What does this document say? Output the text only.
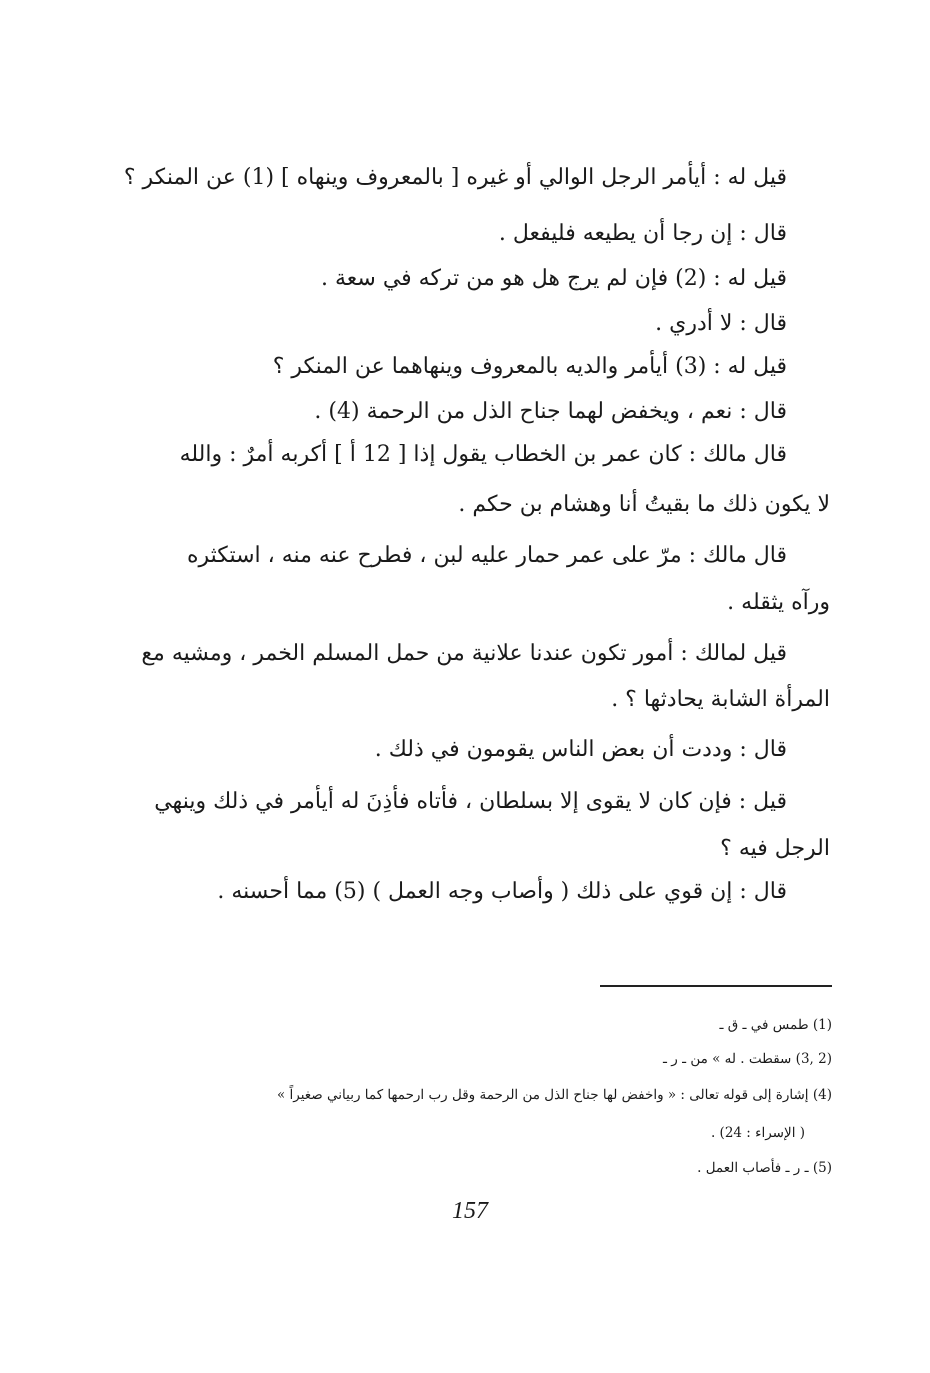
قيل له : أيأمر الرجل الوالي أو غيره [ بالمعروف وينهاه ] (1) عن المنكر ؟
قال : إن رجا أن يطيعه فليفعل .
قيل له : (2) فإن لم يرج هل هو من تركه في سعة .
قال : لا أدري .
قيل له : (3) أيأمر والديه بالمعروف وينهاهما عن المنكر ؟
قال : نعم ، ويخفض لهما جناح الذل من الرحمة (4) .
قال مالك : كان عمر بن الخطاب يقول إذا [ 12 أ ] أكربه أمرٌ : والله
لا يكون ذلك ما بقيتُ أنا وهشام بن حكم .
قال مالك : مرّ على عمر حمار عليه لبن ، فطرح عنه منه ، استكثره
ورآه يثقله .
قيل لمالك : أمور تكون عندنا علانية من حمل المسلم الخمر ، ومشيه مع
المرأة الشابة يحادثها ؟ .
قال : وددت أن بعض الناس يقومون في ذلك .
قيل : فإن كان لا يقوى إلا بسلطان ، فأتاه فأذِنَ له أيأمر في ذلك وينهي
الرجل فيه ؟
قال : إن قوي على ذلك ( وأصاب وجه العمل ) (5) مما أحسنه .
(1) طمس في ـ ق ـ
(2 ,3) سقطت . له » من ـ ر ـ
(4) إشارة إلى قوله تعالى : « واخفض لها جناح الذل من الرحمة وقل رب ارحمها كما ربياني صغيراً »
( الإسراء : 24) .
(5) ـ ر ـ فأصاب العمل .
157
